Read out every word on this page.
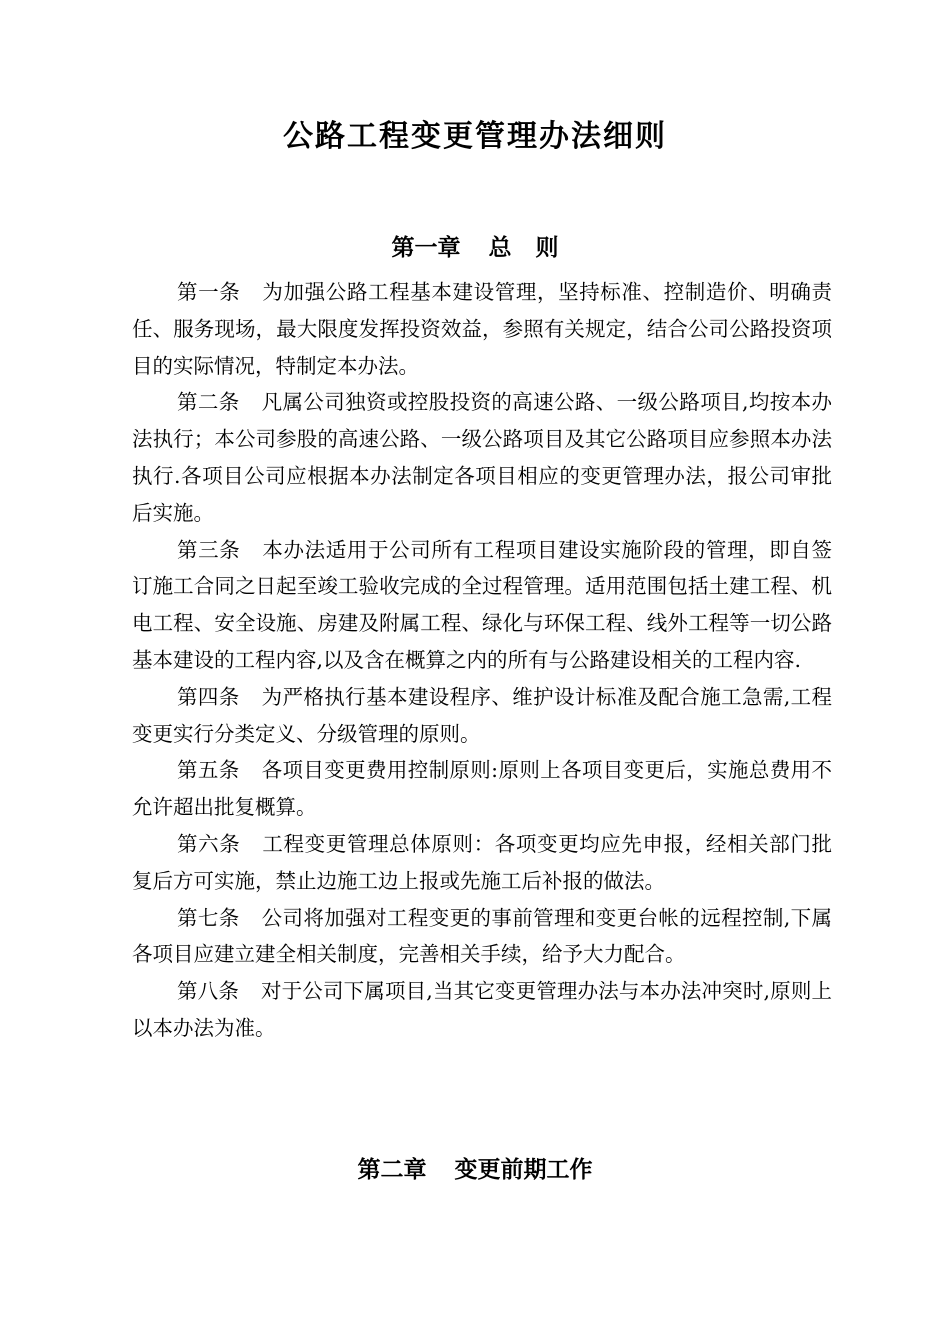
公路工程变更管理办法细则
第一章 总 则

第一条 为加强公路工程基本建设管理，坚持标准、控制造价、明确责任、服务现场，最大限度发挥投资效益，参照有关规定，结合公司公路投资项目的实际情况，特制定本办法。

第二条 凡属公司独资或控股投资的高速公路、一级公路项目,均按本办法执行；本公司参股的高速公路、一级公路项目及其它公路项目应参照本办法执行.各项目公司应根据本办法制定各项目相应的变更管理办法，报公司审批后实施。

第三条 本办法适用于公司所有工程项目建设实施阶段的管理，即自签订施工合同之日起至竣工验收完成的全过程管理。适用范围包括土建工程、机电工程、安全设施、房建及附属工程、绿化与环保工程、线外工程等一切公路基本建设的工程内容,以及含在概算之内的所有与公路建设相关的工程内容.

第四条 为严格执行基本建设程序、维护设计标准及配合施工急需,工程变更实行分类定义、分级管理的原则。

第五条 各项目变更费用控制原则:原则上各项目变更后，实施总费用不允许超出批复概算。

第六条 工程变更管理总体原则：各项变更均应先申报，经相关部门批复后方可实施，禁止边施工边上报或先施工后补报的做法。

第七条 公司将加强对工程变更的事前管理和变更台帐的远程控制,下属各项目应建立建全相关制度，完善相关手续，给予大力配合。

第八条 对于公司下属项目,当其它变更管理办法与本办法冲突时,原则上以本办法为准。

第二章 变更前期工作
